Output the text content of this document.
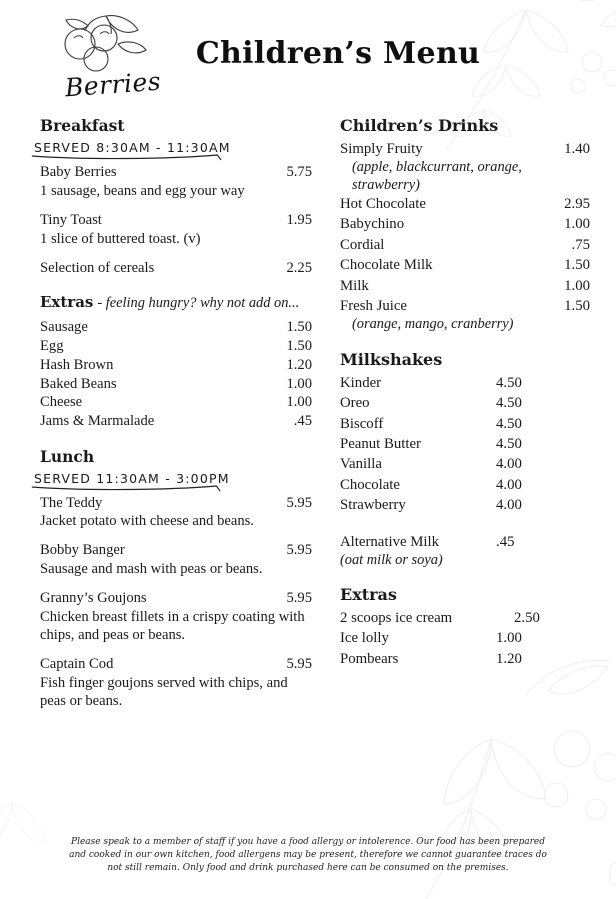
Berries
Children’s Menu
Breakfast
SERVED 8:30AM - 11:30AM
Baby Berries	5.75
1 sausage, beans and egg your way
Tiny Toast	1.95
1 slice of buttered toast. (v)
Selection of cereals	2.25
Extras - feeling hungry? why not add on...
Sausage	1.50
Egg	1.50
Hash Brown	1.20
Baked Beans	1.00
Cheese	1.00
Jams & Marmalade	.45
Lunch
SERVED 11:30AM - 3:00PM
The Teddy	5.95
Jacket potato with cheese and beans.
Bobby Banger	5.95
Sausage and mash with peas or beans.
Granny’s Goujons	5.95
Chicken breast fillets in a crispy coating with chips, and peas or beans.
Captain Cod	5.95
Fish finger goujons served with chips, and peas or beans.
Children’s Drinks
Simply Fruity	1.40
(apple, blackcurrant, orange, strawberry)
Hot Chocolate	2.95
Babychino	1.00
Cordial	.75
Chocolate Milk	1.50
Milk	1.00
Fresh Juice	1.50
(orange, mango, cranberry)
Milkshakes
Kinder	4.50
Oreo	4.50
Biscoff	4.50
Peanut Butter	4.50
Vanilla	4.00
Chocolate	4.00
Strawberry	4.00
Alternative Milk	.45
(oat milk or soya)
Extras
2 scoops ice cream	2.50
Ice lolly	1.00
Pombears	1.20
Please speak to a member of staff if you have a food allergy or intolerence. Our food has been prepared and cooked in our own kitchen, food allergens may be present, therefore we cannot guarantee traces do not still remain. Only food and drink purchased here can be consumed on the premises.
